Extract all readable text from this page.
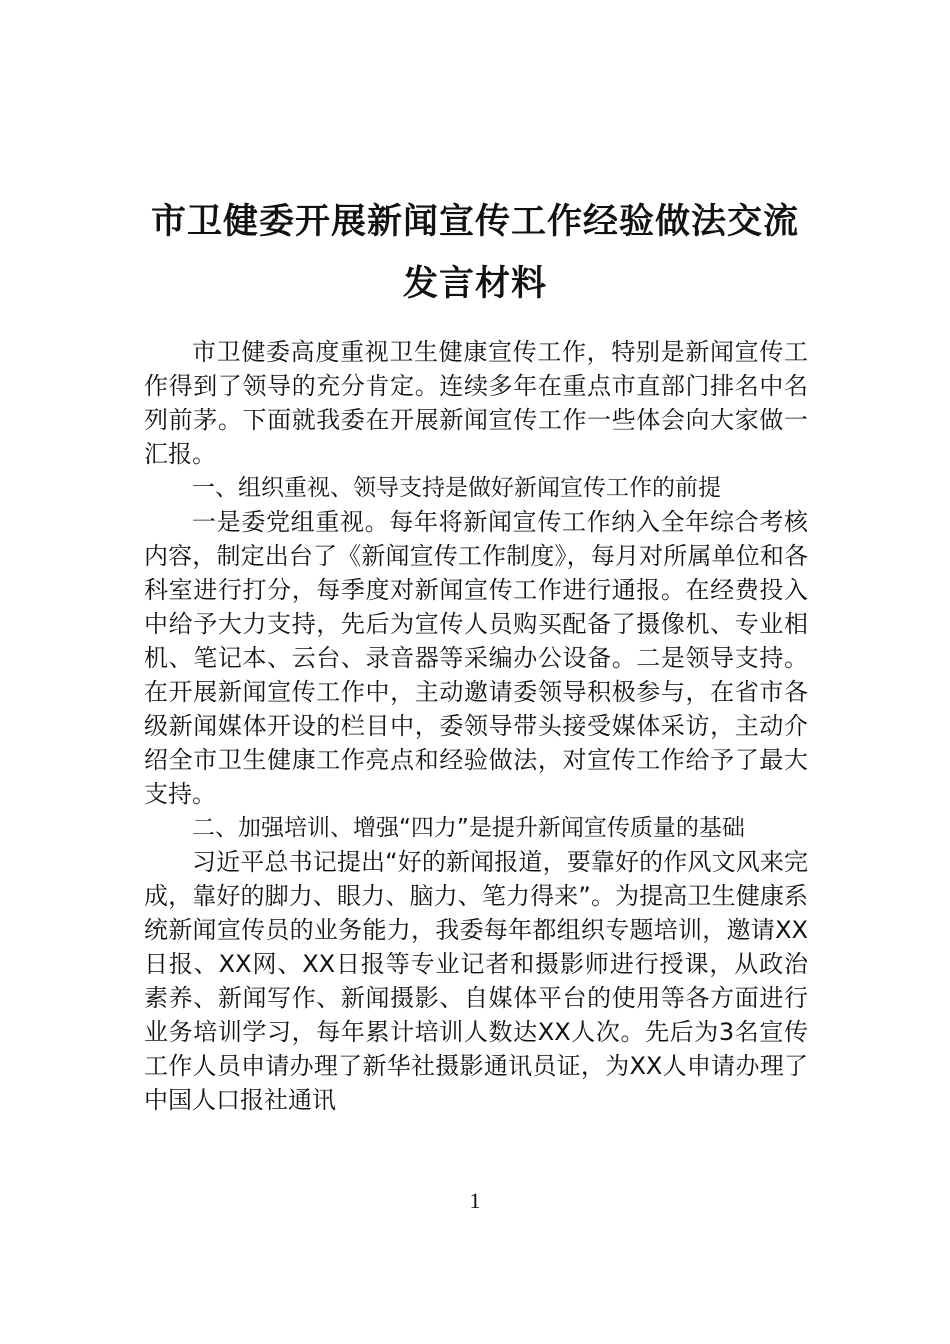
市卫健委开展新闻宣传工作经验做法交流
发言材料

市卫健委高度重视卫生健康宣传工作，特别是新闻宣传工作得到了领导的充分肯定。连续多年在重点市直部门排名中名列前茅。下面就我委在开展新闻宣传工作一些体会向大家做一汇报。

一、组织重视、领导支持是做好新闻宣传工作的前提

一是委党组重视。每年将新闻宣传工作纳入全年综合考核内容，制定出台了《新闻宣传工作制度》，每月对所属单位和各科室进行打分，每季度对新闻宣传工作进行通报。在经费投入中给予大力支持，先后为宣传人员购买配备了摄像机、专业相机、笔记本、云台、录音器等采编办公设备。二是领导支持。在开展新闻宣传工作中，主动邀请委领导积极参与，在省市各级新闻媒体开设的栏目中，委领导带头接受媒体采访，主动介绍全市卫生健康工作亮点和经验做法，对宣传工作给予了最大支持。

二、加强培训、增强“四力”是提升新闻宣传质量的基础

习近平总书记提出“好的新闻报道，要靠好的作风文风来完成，靠好的脚力、眼力、脑力、笔力得来”。为提高卫生健康系统新闻宣传员的业务能力，我委每年都组织专题培训，邀请XX日报、XX网、XX日报等专业记者和摄影师进行授课，从政治素养、新闻写作、新闻摄影、自媒体平台的使用等各方面进行业务培训学习，每年累计培训人数达XX人次。先后为3名宣传工作人员申请办理了新华社摄影通讯员证，为XX人申请办理了中国人口报社通讯

1
